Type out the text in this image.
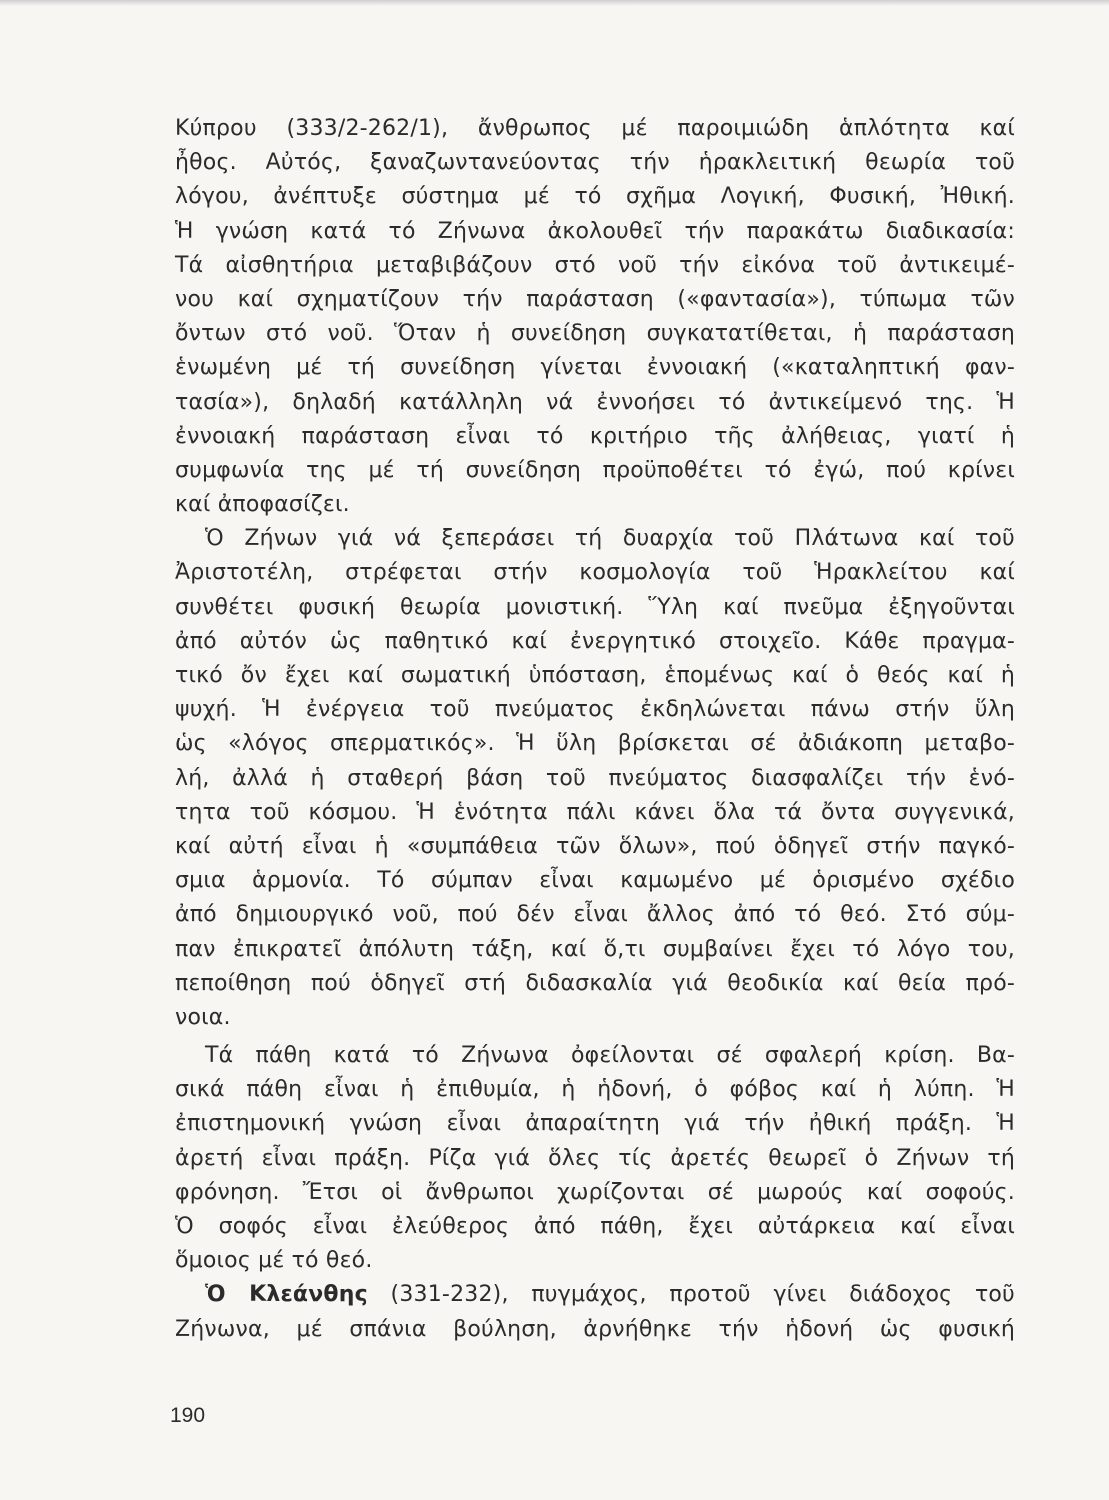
Κύπρου (333/2-262/1), ἄνθρωπος μέ παροιμιώδη ἁπλότητα καί
ἦθος. Αὐτός, ξαναζωντανεύοντας τήν ἡρακλειτική θεωρία τοῦ
λόγου, ἀνέπτυξε σύστημα μέ τό σχῆμα Λογική, Φυσική, Ἠθική.
Ἡ γνώση κατά τό Ζήνωνα ἀκολουθεῖ τήν παρακάτω διαδικασία:
Τά αἰσθητήρια μεταβιβάζουν στό νοῦ τήν εἰκόνα τοῦ ἀντικειμέ-
νου καί σχηματίζουν τήν παράσταση («φαντασία»), τύπωμα τῶν
ὄντων στό νοῦ. Ὅταν ἡ συνείδηση συγκατατίθεται, ἡ παράσταση
ἑνωμένη μέ τή συνείδηση γίνεται ἐννοιακή («καταληπτική φαν-
τασία»), δηλαδή κατάλληλη νά ἐννοήσει τό ἀντικείμενό της. Ἡ
ἐννοιακή παράσταση εἶναι τό κριτήριο τῆς ἀλήθειας, γιατί ἡ
συμφωνία της μέ τή συνείδηση προϋποθέτει τό ἐγώ, πού κρίνει
καί ἀποφασίζει.
Ὁ Ζήνων γιά νά ξεπεράσει τή δυαρχία τοῦ Πλάτωνα καί τοῦ
Ἀριστοτέλη, στρέφεται στήν κοσμολογία τοῦ Ἡρακλείτου καί
συνθέτει φυσική θεωρία μονιστική. Ὕλη καί πνεῦμα ἐξηγοῦνται
ἀπό αὐτόν ὡς παθητικό καί ἐνεργητικό στοιχεῖο. Κάθε πραγμα-
τικό ὄν ἔχει καί σωματική ὑπόσταση, ἑπομένως καί ὁ θεός καί ἡ
ψυχή. Ἡ ἐνέργεια τοῦ πνεύματος ἐκδηλώνεται πάνω στήν ὕλη
ὡς «λόγος σπερματικός». Ἡ ὕλη βρίσκεται σέ ἀδιάκοπη μεταβο-
λή, ἀλλά ἡ σταθερή βάση τοῦ πνεύματος διασφαλίζει τήν ἑνό-
τητα τοῦ κόσμου. Ἡ ἑνότητα πάλι κάνει ὅλα τά ὄντα συγγενικά,
καί αὐτή εἶναι ἡ «συμπάθεια τῶν ὅλων», πού ὁδηγεῖ στήν παγκό-
σμια ἁρμονία. Τό σύμπαν εἶναι καμωμένο μέ ὁρισμένο σχέδιο
ἀπό δημιουργικό νοῦ, πού δέν εἶναι ἄλλος ἀπό τό θεό. Στό σύμ-
παν ἐπικρατεῖ ἀπόλυτη τάξη, καί ὅ,τι συμβαίνει ἔχει τό λόγο του,
πεποίθηση πού ὁδηγεῖ στή διδασκαλία γιά θεοδικία καί θεία πρό-
νοια.
Τά πάθη κατά τό Ζήνωνα ὀφείλονται σέ σφαλερή κρίση. Βα-
σικά πάθη εἶναι ἡ ἐπιθυμία, ἡ ἡδονή, ὁ φόβος καί ἡ λύπη. Ἡ
ἐπιστημονική γνώση εἶναι ἀπαραίτητη γιά τήν ἠθική πράξη. Ἡ
ἀρετή εἶναι πράξη. Ρίζα γιά ὅλες τίς ἀρετές θεωρεῖ ὁ Ζήνων τή
φρόνηση. Ἔτσι οἱ ἄνθρωποι χωρίζονται σέ μωρούς καί σοφούς.
Ὁ σοφός εἶναι ἐλεύθερος ἀπό πάθη, ἔχει αὐτάρκεια καί εἶναι
ὅμοιος μέ τό θεό.
Ὁ Κλεάνθης (331-232), πυγμάχος, προτοῦ γίνει διάδοχος τοῦ
Ζήνωνα, μέ σπάνια βούληση, ἀρνήθηκε τήν ἡδονή ὡς φυσική
190
